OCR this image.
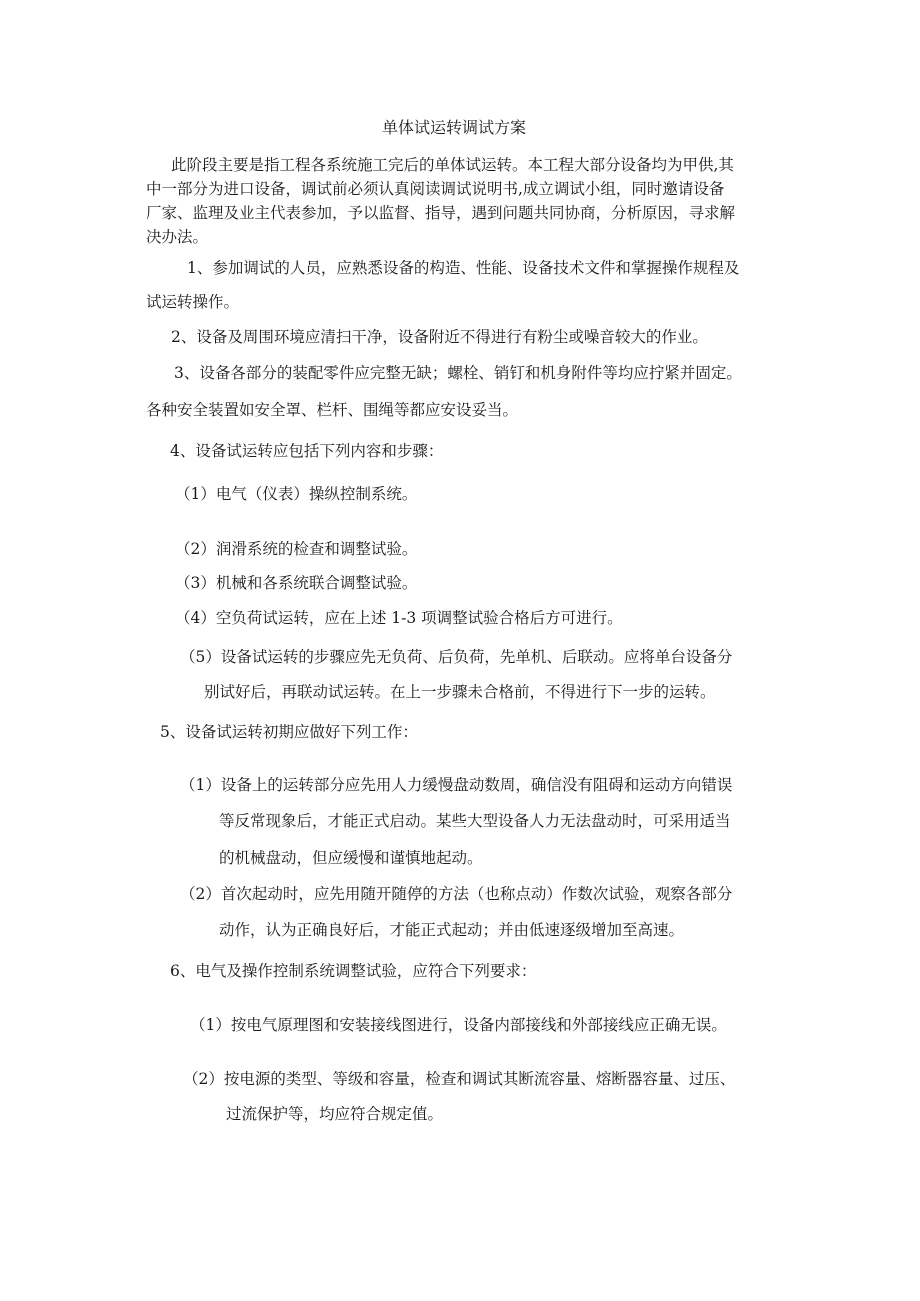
单体试运转调试方案
此阶段主要是指工程各系统施工完后的单体试运转。本工程大部分设备均为甲供,其
中一部分为进口设备，调试前必须认真阅读调试说明书,成立调试小组，同时邀请设备
厂家、监理及业主代表参加，予以监督、指导，遇到问题共同协商，分析原因，寻求解
决办法。
1、参加调试的人员，应熟悉设备的构造、性能、设备技术文件和掌握操作规程及
试运转操作。
2、设备及周围环境应清扫干净，设备附近不得进行有粉尘或噪音较大的作业。
3、设备各部分的装配零件应完整无缺；螺栓、销钉和机身附件等均应拧紧并固定。
各种安全装置如安全罩、栏杆、围绳等都应安设妥当。
4、设备试运转应包括下列内容和步骤：
（1）电气（仪表）操纵控制系统。
（2）润滑系统的检查和调整试验。
（3）机械和各系统联合调整试验。
（4）空负荷试运转，应在上述 1-3 项调整试验合格后方可进行。
（5）设备试运转的步骤应先无负荷、后负荷，先单机、后联动。应将单台设备分
别试好后，再联动试运转。在上一步骤未合格前，不得进行下一步的运转。
5、设备试运转初期应做好下列工作：
（1）设备上的运转部分应先用人力缓慢盘动数周，确信没有阻碍和运动方向错误
等反常现象后，才能正式启动。某些大型设备人力无法盘动时，可采用适当
的机械盘动，但应缓慢和谨慎地起动。
（2）首次起动时，应先用随开随停的方法（也称点动）作数次试验，观察各部分
动作，认为正确良好后，才能正式起动；并由低速逐级增加至高速。
6、电气及操作控制系统调整试验，应符合下列要求：
（1）按电气原理图和安装接线图进行，设备内部接线和外部接线应正确无误。
（2）按电源的类型、等级和容量，检查和调试其断流容量、熔断器容量、过压、
过流保护等，均应符合规定值。
